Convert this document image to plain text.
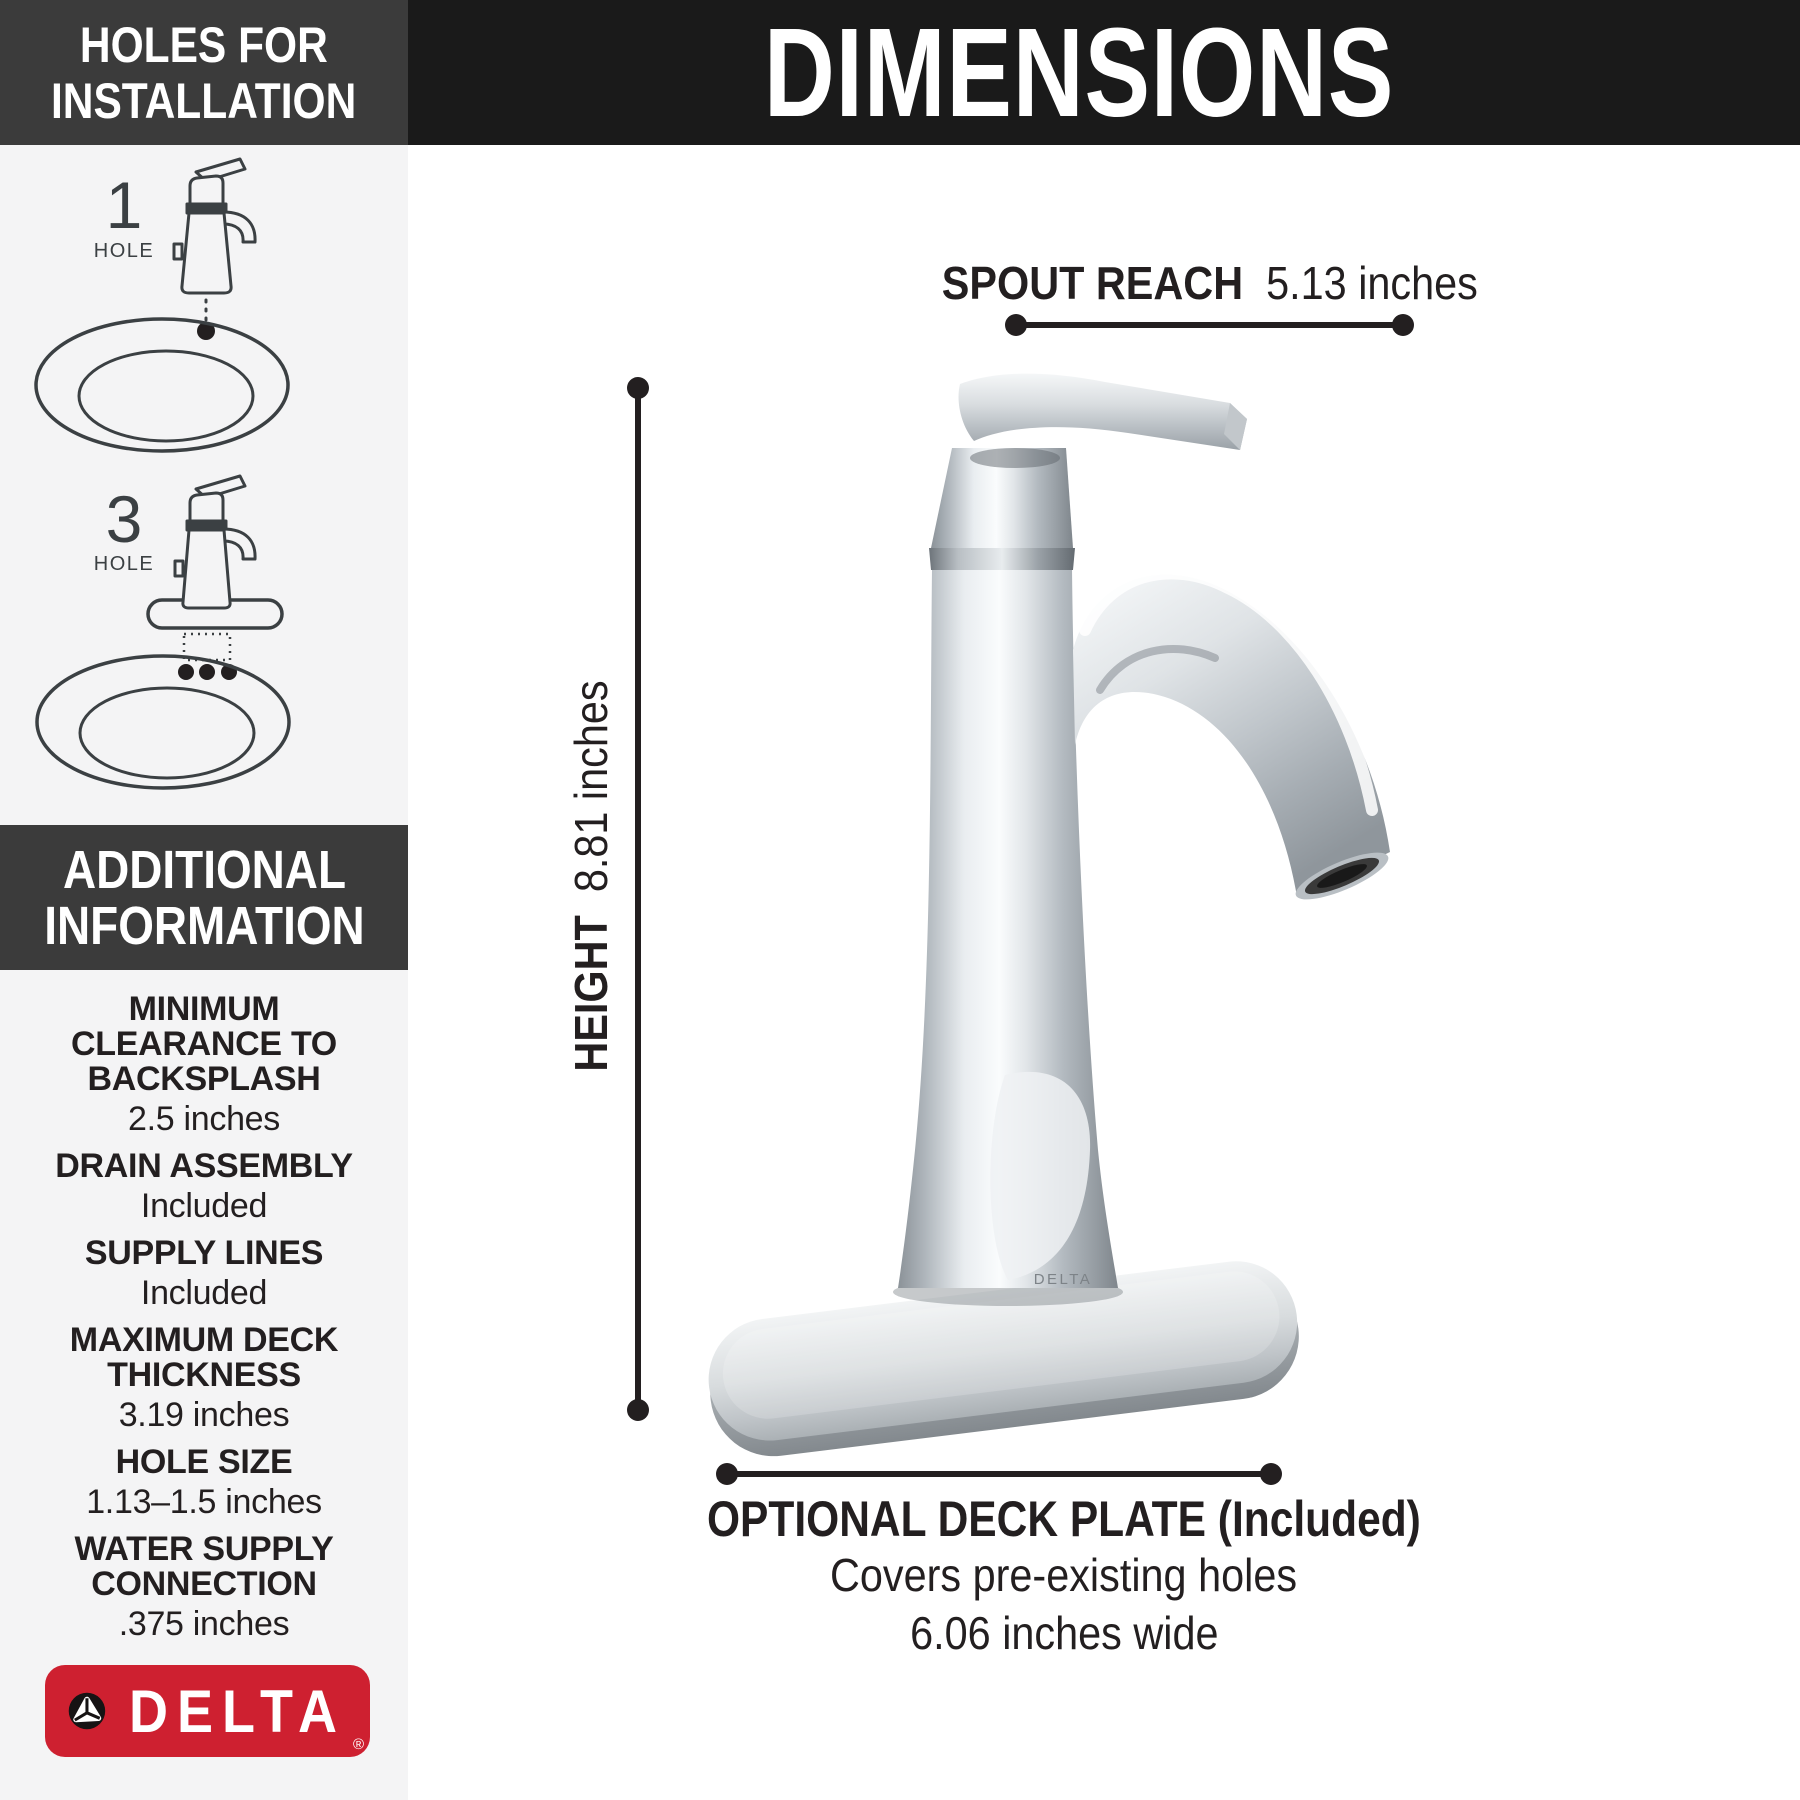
HOLES FOR
INSTALLATION
1
HOLE
3
HOLE
ADDITIONAL
INFORMATION
MINIMUM CLEARANCE TO BACKSPLASH
2.5 inches
DRAIN ASSEMBLY
Included
SUPPLY LINES
Included
MAXIMUM DECK THICKNESS
3.19 inches
HOLE SIZE
1.13–1.5 inches
WATER SUPPLY CONNECTION
.375 inches
DELTA ®
DIMENSIONS
DELTA
SPOUT REACH 5.13 inches
HEIGHT  8.81 inches
OPTIONAL DECK PLATE (Included)
Covers pre-existing holes
6.06 inches wide
